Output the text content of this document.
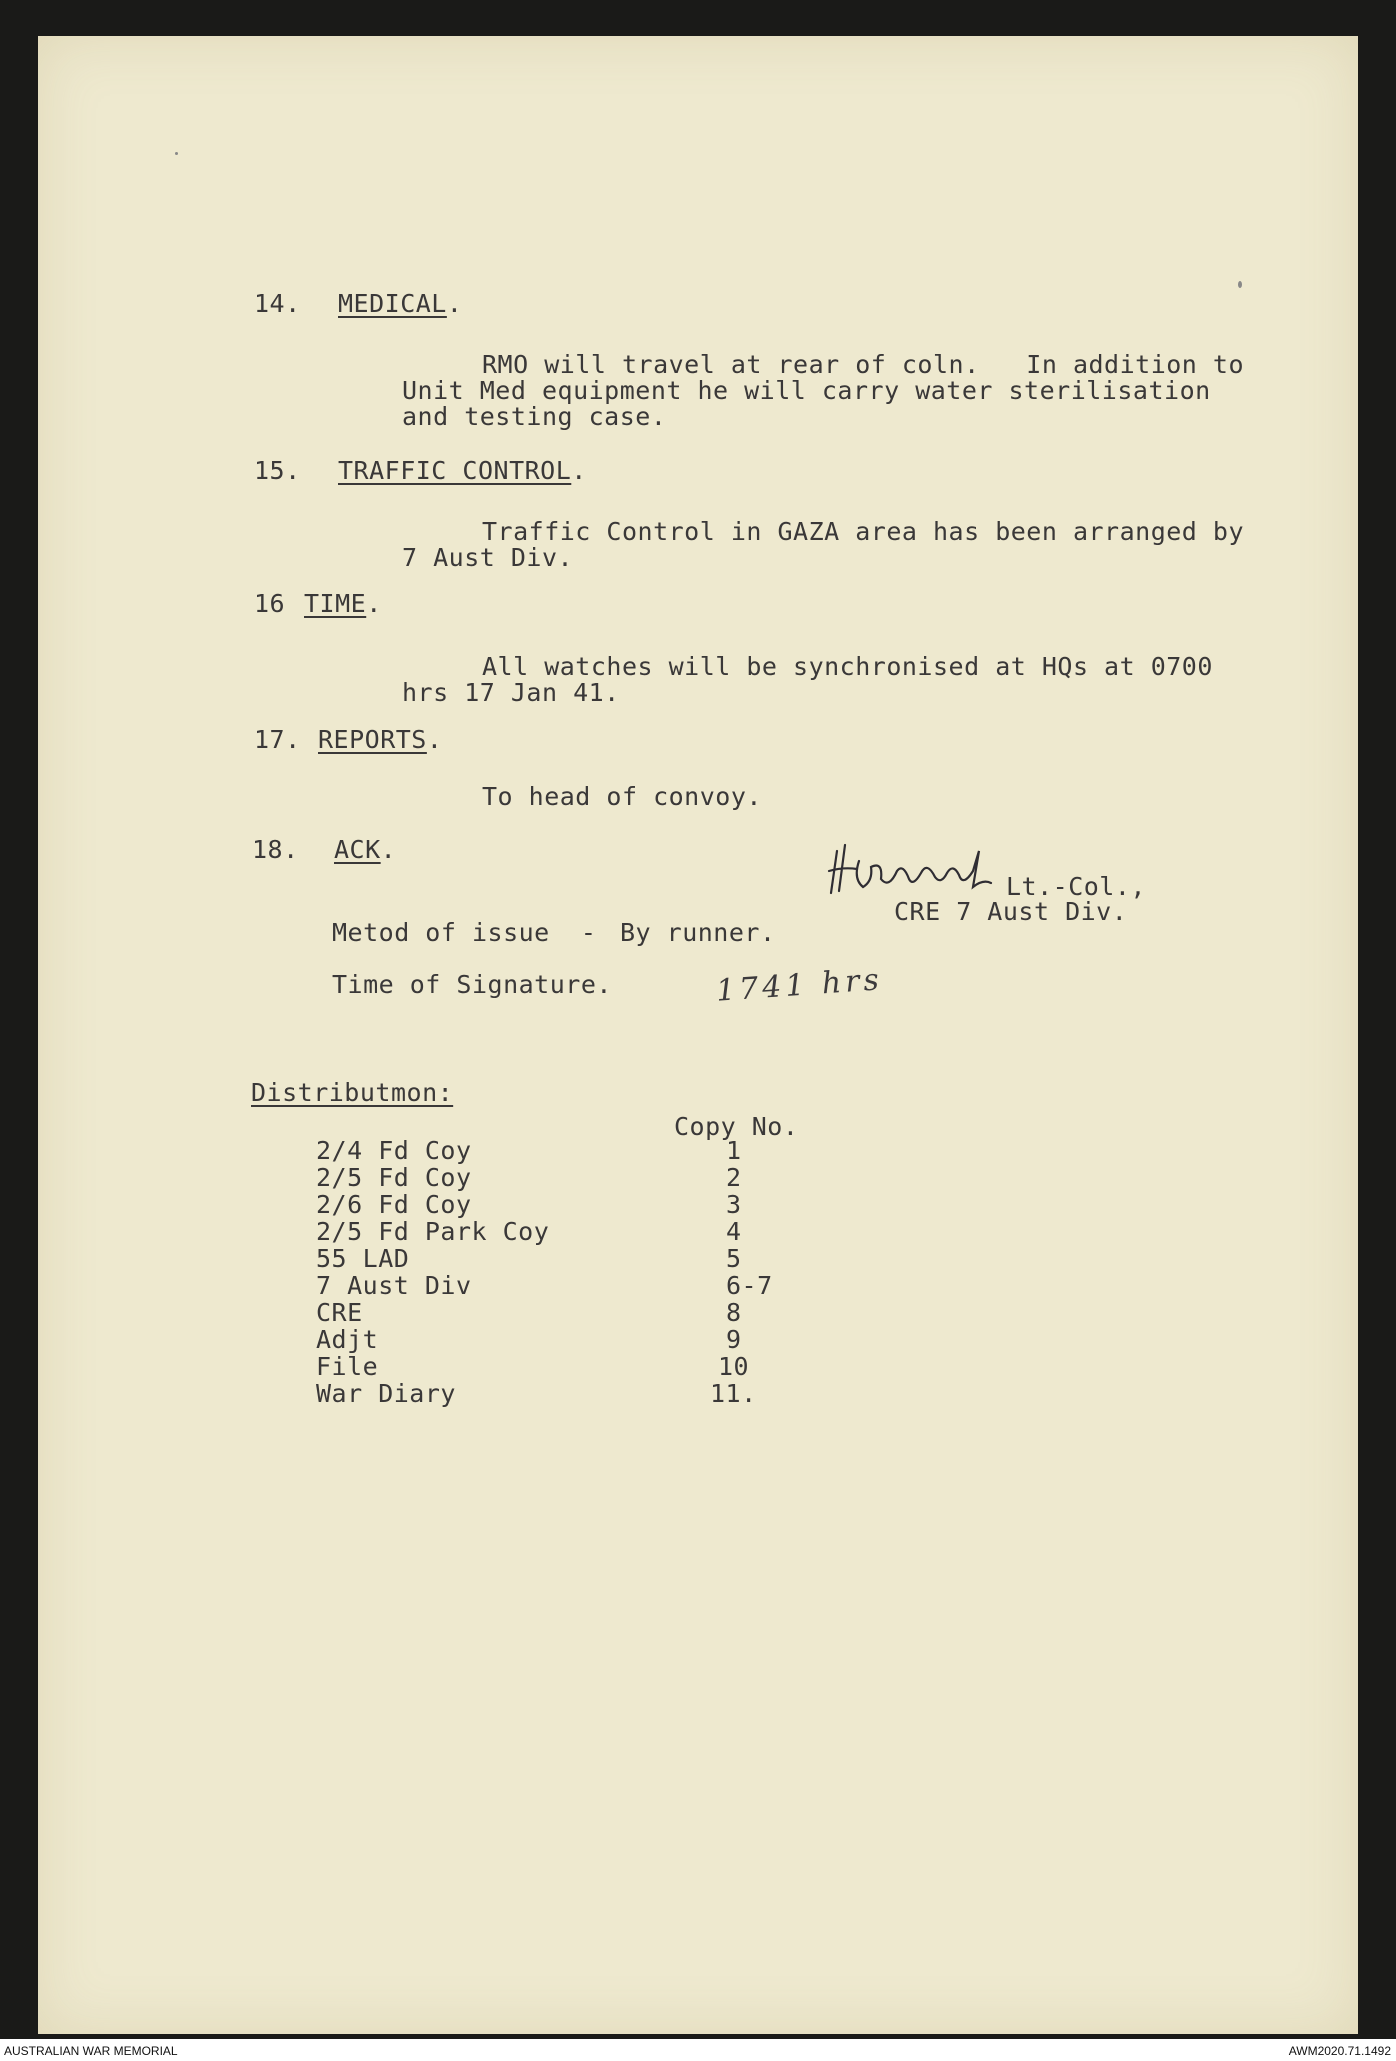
14. MEDICAL.
RMO will travel at rear of coln.   In addition to
Unit Med equipment he will carry water sterilisation
and testing case.
15. TRAFFIC CONTROL.
Traffic Control in GAZA area has been arranged by
7 Aust Div.
16 TIME.
All watches will be synchronised at HQs at 0700
hrs 17 Jan 41.
17. REPORTS.
To head of convoy.
18. ACK.
Lt.-Col.,
CRE 7 Aust Div.
Metod of issue  - By runner.
Time of Signature.	1741 hrs
Distributmon:
Copy No.
2/4 Fd Coy	1
2/5 Fd Coy	2
2/6 Fd Coy	3
2/5 Fd Park Coy	4
55 LAD	5
7 Aust Div	6-7
CRE	8
Adjt	9
File	10
War Diary	11.
AUSTRALIAN WAR MEMORIAL	AWM2020.71.1492
